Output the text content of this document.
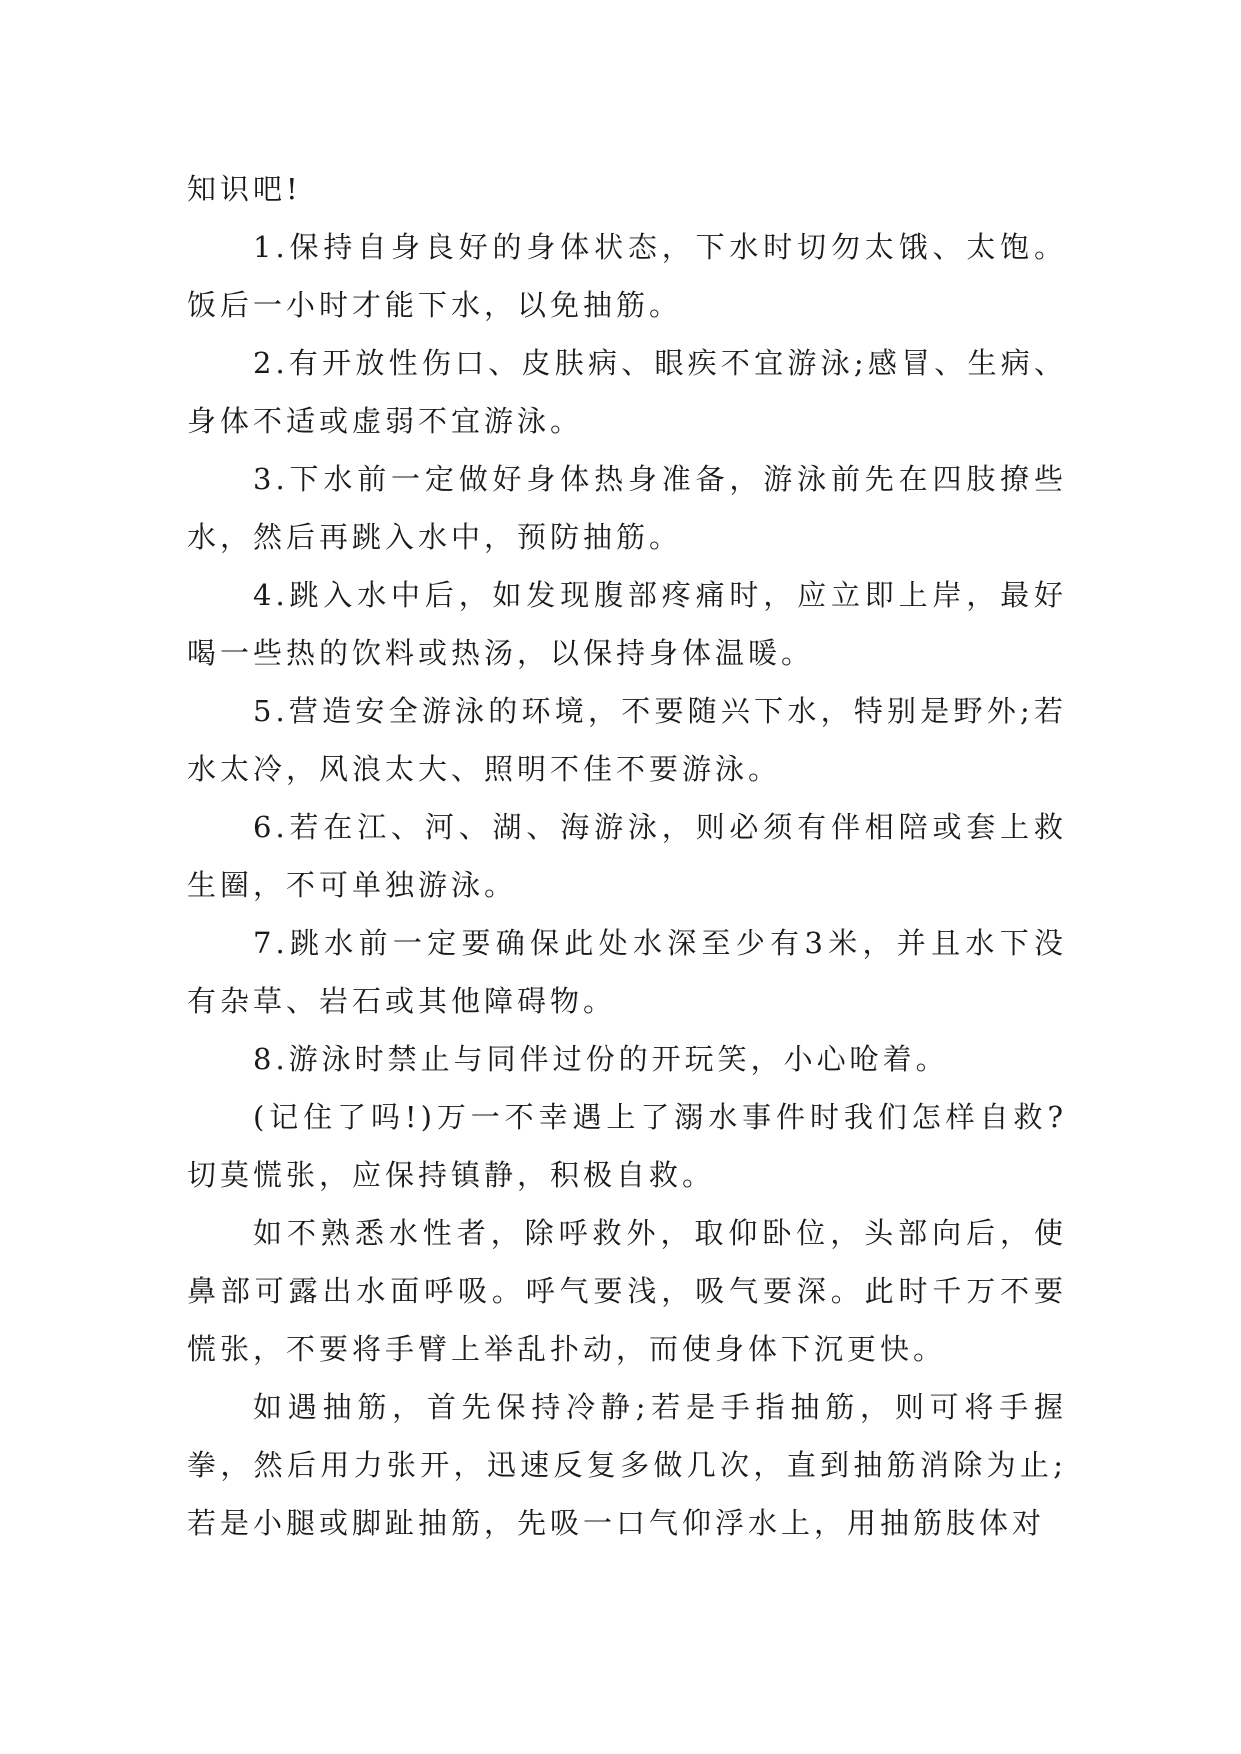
知识吧!

1.保持自身良好的身体状态，下水时切勿太饿、太饱。饭后一小时才能下水，以免抽筋。

2.有开放性伤口、皮肤病、眼疾不宜游泳;感冒、生病、身体不适或虚弱不宜游泳。

3.下水前一定做好身体热身准备，游泳前先在四肢撩些水，然后再跳入水中，预防抽筋。

4.跳入水中后，如发现腹部疼痛时，应立即上岸，最好喝一些热的饮料或热汤，以保持身体温暖。

5.营造安全游泳的环境，不要随兴下水，特别是野外;若水太冷，风浪太大、照明不佳不要游泳。

6.若在江、河、湖、海游泳，则必须有伴相陪或套上救生圈，不可单独游泳。

7.跳水前一定要确保此处水深至少有3米，并且水下没有杂草、岩石或其他障碍物。

8.游泳时禁止与同伴过份的开玩笑，小心呛着。

(记住了吗!)万一不幸遇上了溺水事件时我们怎样自救?切莫慌张，应保持镇静，积极自救。

如不熟悉水性者，除呼救外，取仰卧位，头部向后，使鼻部可露出水面呼吸。呼气要浅，吸气要深。此时千万不要慌张，不要将手臂上举乱扑动，而使身体下沉更快。

如遇抽筋，首先保持冷静;若是手指抽筋，则可将手握拳，然后用力张开，迅速反复多做几次，直到抽筋消除为止;若是小腿或脚趾抽筋，先吸一口气仰浮水上，用抽筋肢体对
